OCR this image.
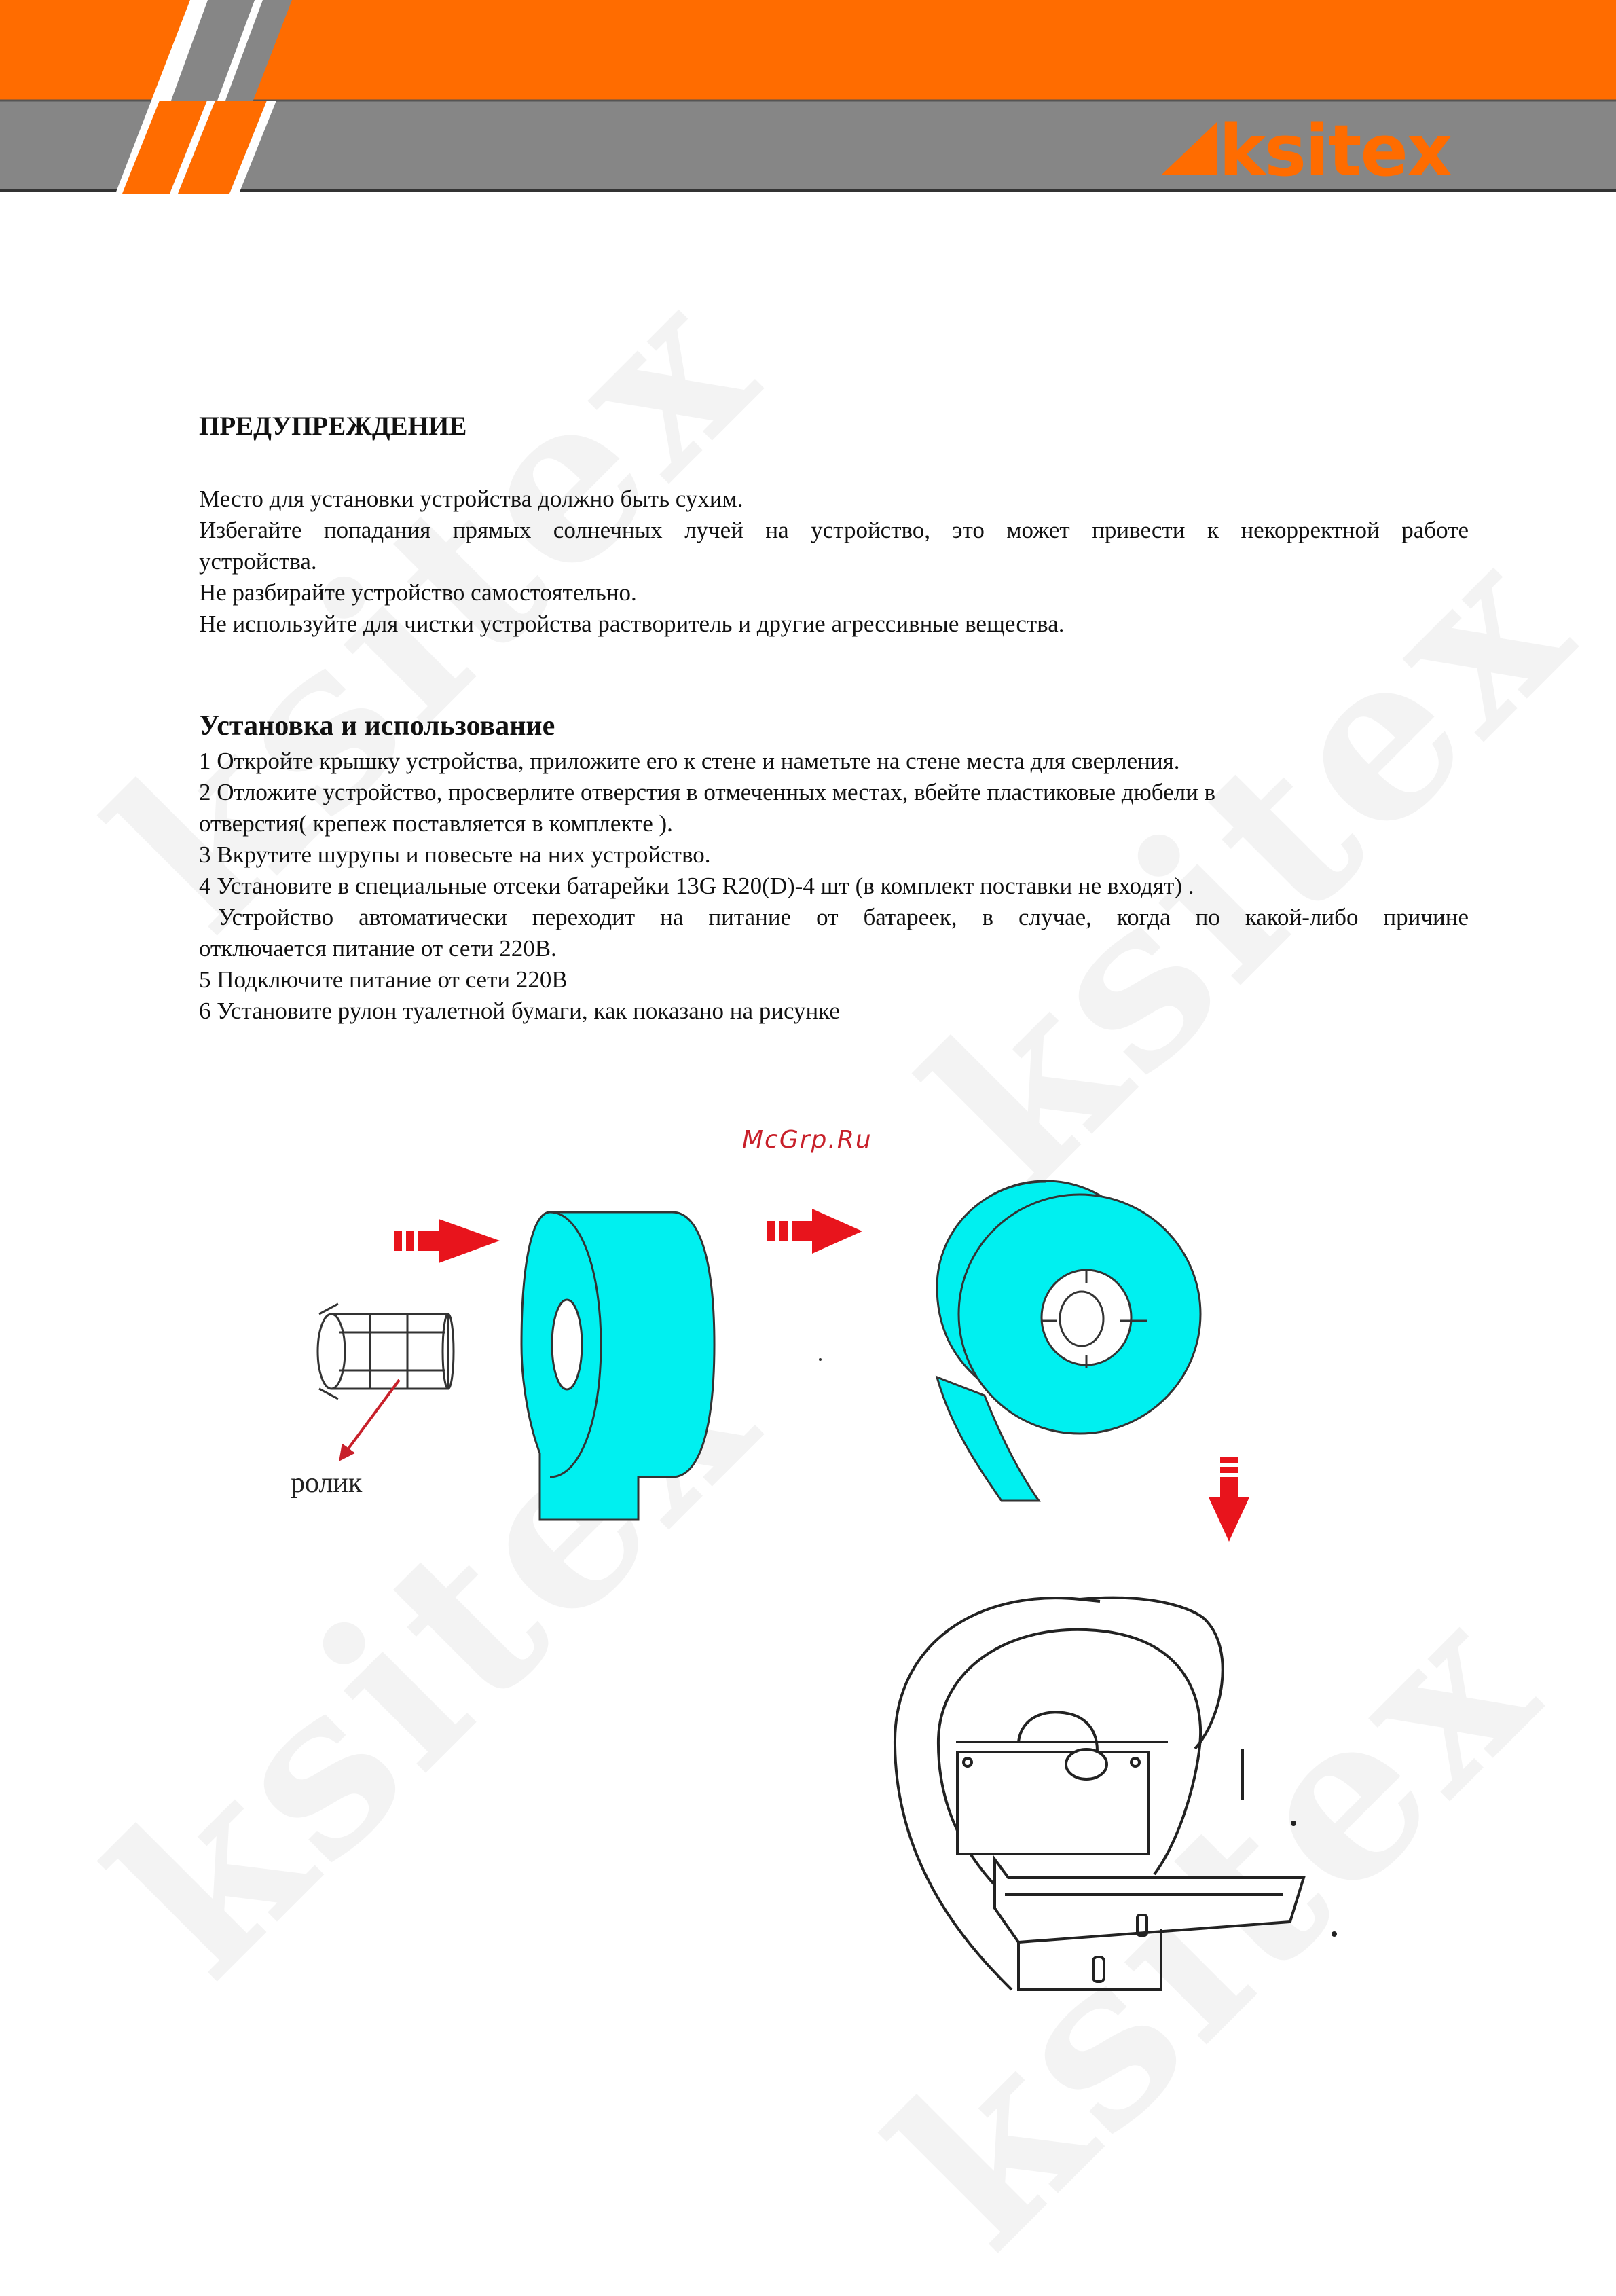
ksitex
ПРЕДУПРЕЖДЕНИЕ

Место для установки устройства должно быть сухим.

Избегайте попадания прямых солнечных лучей на устройство, это может привести к некорректной работе

устройства.

Не разбирайте устройство самостоятельно.

Не используйте для чистки устройства растворитель и другие агрессивные вещества.

Установка и использование

1 Откройте крышку устройства, приложите его к стене и наметьте на стене места для сверления.

2 Отложите устройство, просверлите отверстия в отмеченных местах, вбейте пластиковые дюбели в

отверстия( крепеж поставляется в комплекте ).

3 Вкрутите шурупы и повесьте на них устройство.

4 Установите в специальные отсеки батарейки 13G R20(D)-4 шт (в комплект поставки не входят) .

Устройство автоматически переходит на питание от батареек, в случае, когда по какой-либо причине

отключается питание от сети 220В.

5 Подключите питание от сети 220В

6 Установите рулон туалетной бумаги, как показано на рисунке

McGrp.Ru
ролик
